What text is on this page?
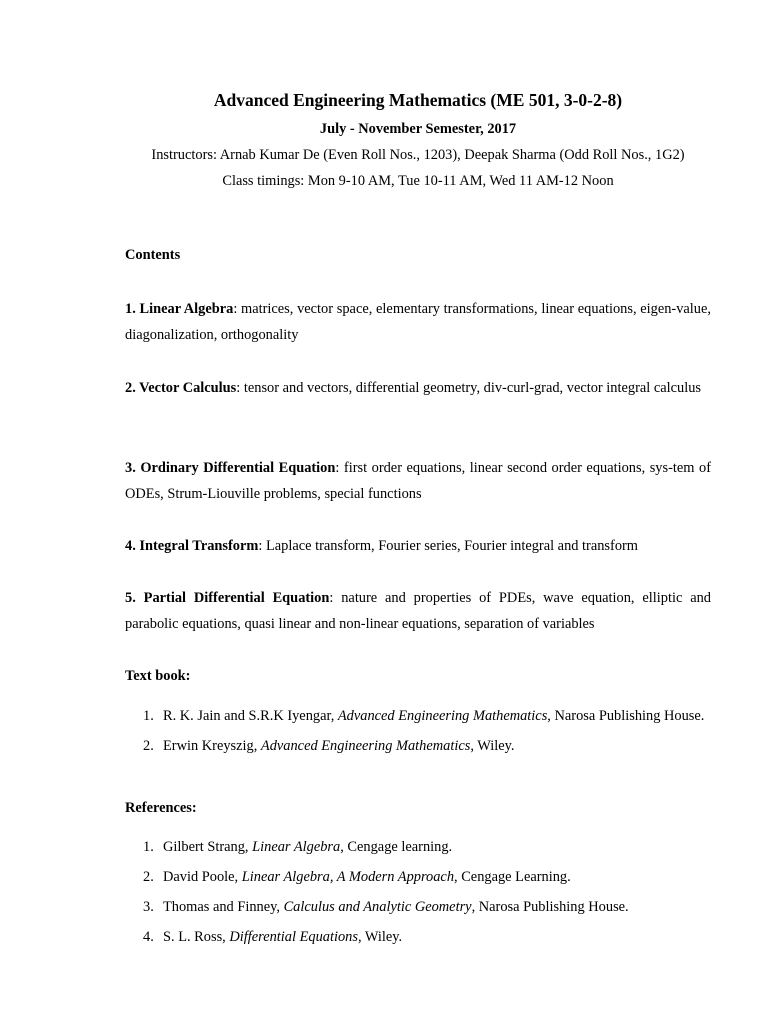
Advanced Engineering Mathematics (ME 501, 3-0-2-8)
July - November Semester, 2017
Instructors: Arnab Kumar De (Even Roll Nos., 1203), Deepak Sharma (Odd Roll Nos., 1G2)
Class timings: Mon 9-10 AM, Tue 10-11 AM, Wed 11 AM-12 Noon
Contents
1. Linear Algebra: matrices, vector space, elementary transformations, linear equations, eigen-value, diagonalization, orthogonality
2. Vector Calculus: tensor and vectors, differential geometry, div-curl-grad, vector integral calculus
3. Ordinary Differential Equation: first order equations, linear second order equations, sys-tem of ODEs, Strum-Liouville problems, special functions
4. Integral Transform: Laplace transform, Fourier series, Fourier integral and transform
5. Partial Differential Equation: nature and properties of PDEs, wave equation, elliptic and parabolic equations, quasi linear and non-linear equations, separation of variables
Text book:
1. R. K. Jain and S.R.K Iyengar, Advanced Engineering Mathematics, Narosa Publishing House.
2. Erwin Kreyszig, Advanced Engineering Mathematics, Wiley.
References:
1. Gilbert Strang, Linear Algebra, Cengage learning.
2. David Poole, Linear Algebra, A Modern Approach, Cengage Learning.
3. Thomas and Finney, Calculus and Analytic Geometry, Narosa Publishing House.
4. S. L. Ross, Differential Equations, Wiley.
